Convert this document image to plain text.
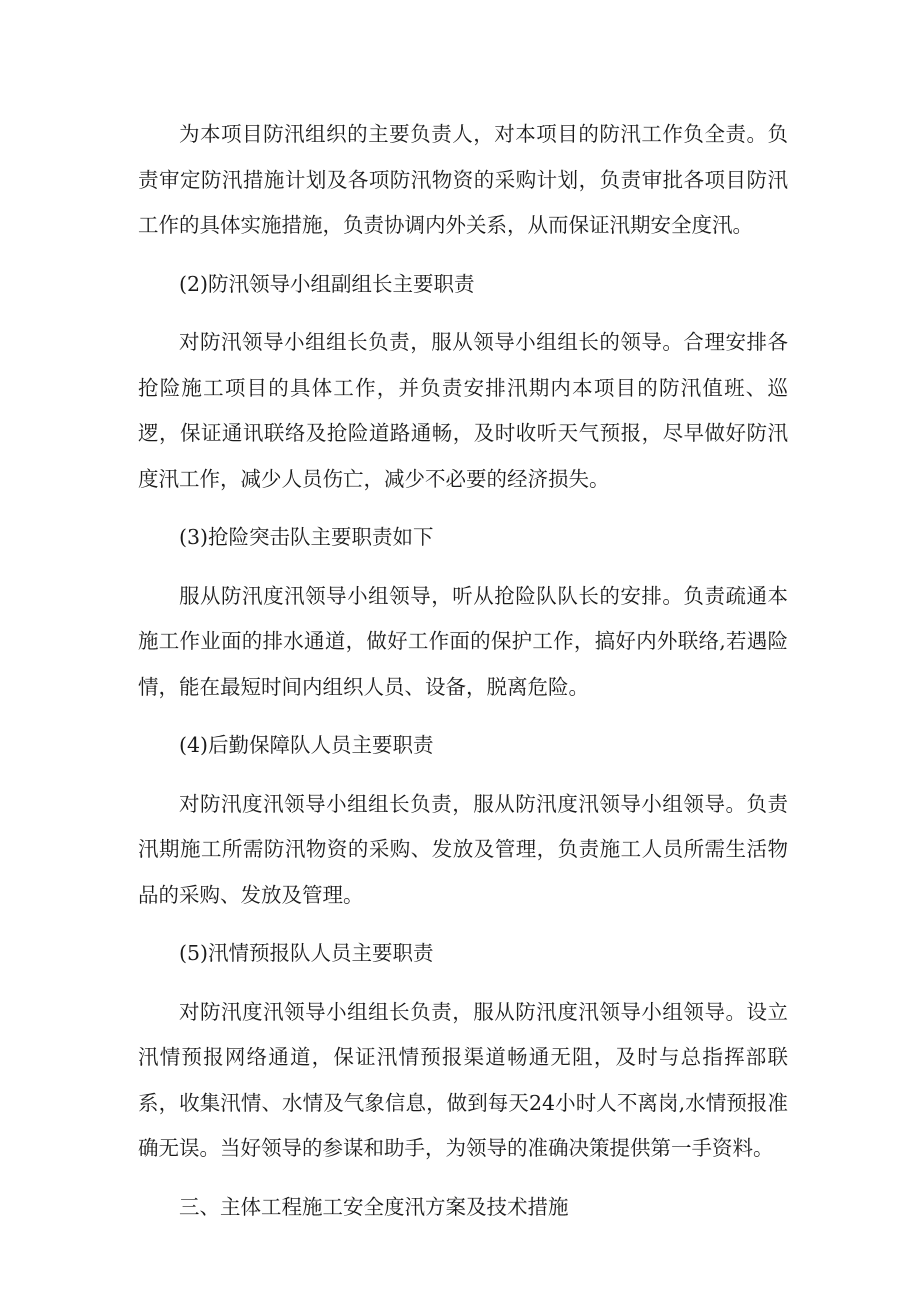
为本项目防汛组织的主要负责人，对本项目的防汛工作负全责。负责审定防汛措施计划及各项防汛物资的采购计划，负责审批各项目防汛工作的具体实施措施，负责协调内外关系，从而保证汛期安全度汛。

(2)防汛领导小组副组长主要职责

对防汛领导小组组长负责，服从领导小组组长的领导。合理安排各抢险施工项目的具体工作，并负责安排汛期内本项目的防汛值班、巡逻，保证通讯联络及抢险道路通畅，及时收听天气预报，尽早做好防汛度汛工作，减少人员伤亡，减少不必要的经济损失。

(3)抢险突击队主要职责如下

服从防汛度汛领导小组领导，听从抢险队队长的安排。负责疏通本施工作业面的排水通道，做好工作面的保护工作，搞好内外联络,若遇险情，能在最短时间内组织人员、设备，脱离危险。

(4)后勤保障队人员主要职责

对防汛度汛领导小组组长负责，服从防汛度汛领导小组领导。负责汛期施工所需防汛物资的采购、发放及管理，负责施工人员所需生活物品的采购、发放及管理。

(5)汛情预报队人员主要职责

对防汛度汛领导小组组长负责，服从防汛度汛领导小组领导。设立汛情预报网络通道，保证汛情预报渠道畅通无阻，及时与总指挥部联系，收集汛情、水情及气象信息，做到每天24小时人不离岗,水情预报准确无误。当好领导的参谋和助手，为领导的准确决策提供第一手资料。

三、主体工程施工安全度汛方案及技术措施
